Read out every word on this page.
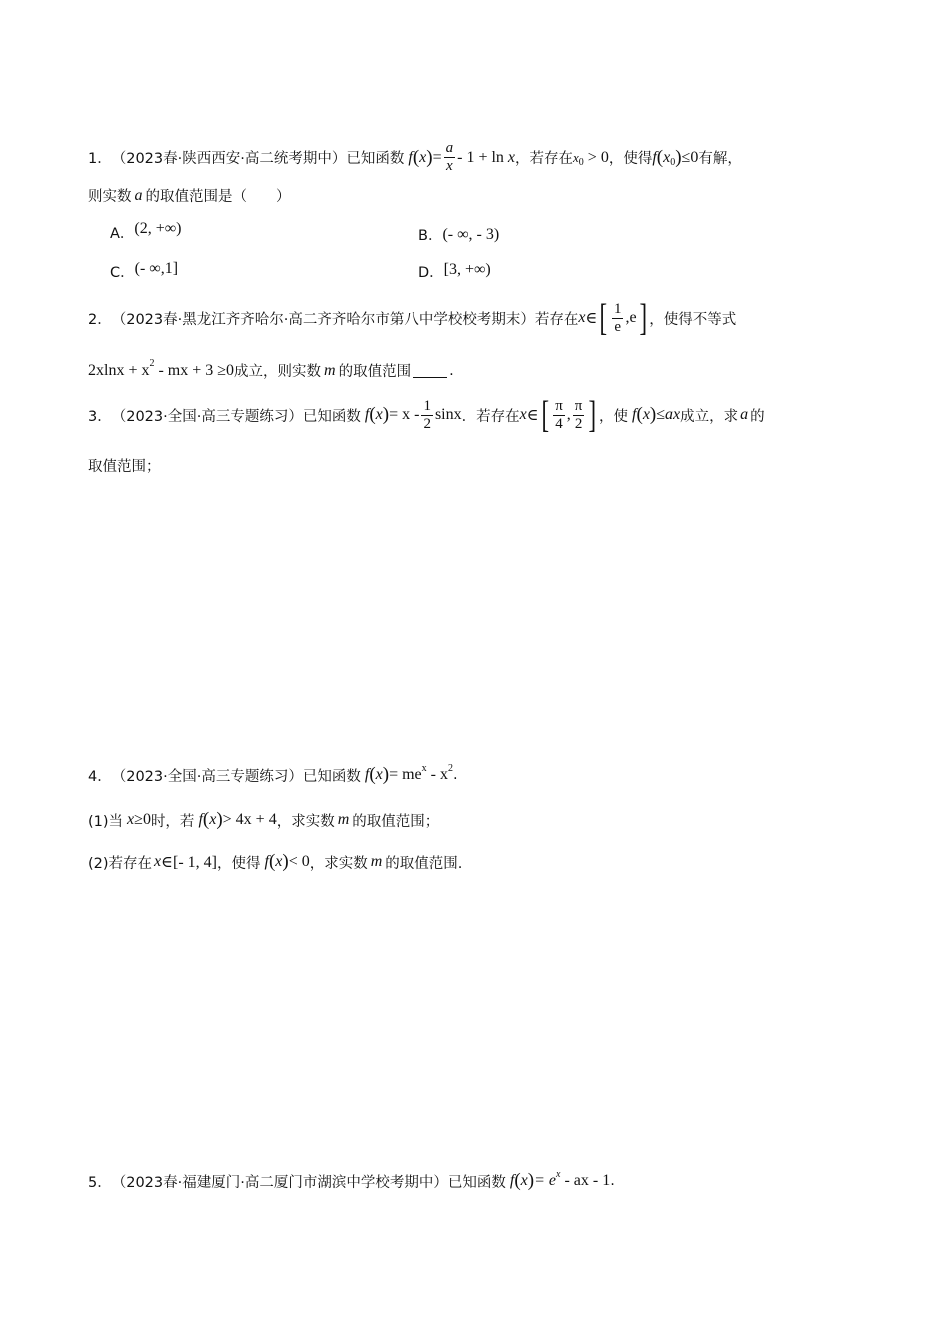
1． （2023春·陕西西安·高二统考期中） 已知函数 f ( x ) = $\frac{a}{x} - 1 + \ln x$ ，若存在 x 0 > 0 ，使得 f ( x 0 ) ≤0 有解，
则实数 a 的取值范围是（　　）
A． (2, +∞)	B． (- ∞, - 3)
C． (- ∞,1]	D． [3, +∞)
2． （2023春·黑龙江齐齐哈尔·高二齐齐哈尔市第八中学校校考期末） 若存在 x ∈ [ $\frac{1}{e} ,e$ ] ，使得不等式
2xlnx + x 2 - mx + 3 ≥0 成立，则实数 m 的取值范围	.
3． （2023·全国·高三专题练习） 已知函数 f ( x ) = x - $\frac{1}{2}$ sinx ．若存在 x ∈ [ $\frac{\pi}{4}$ , $\frac{\pi}{2}$ ] ，使 f ( x ) ≤ax 成立，求 a 的
取值范围；
4． （2023·全国·高三专题练习） 已知函数 f ( x ) = me x - x 2 .
(1)当 x ≥0 时，若 f ( x ) > 4x + 4 ，求实数 m 的取值范围；
(2)若存在 x ∈[- 1, 4] ，使得 f ( x ) < 0 ，求实数 m 的取值范围.
5． （2023春·福建厦门·高二厦门市湖滨中学校考期中） 已知函数 f ( x ) = e x - ax - 1 .
